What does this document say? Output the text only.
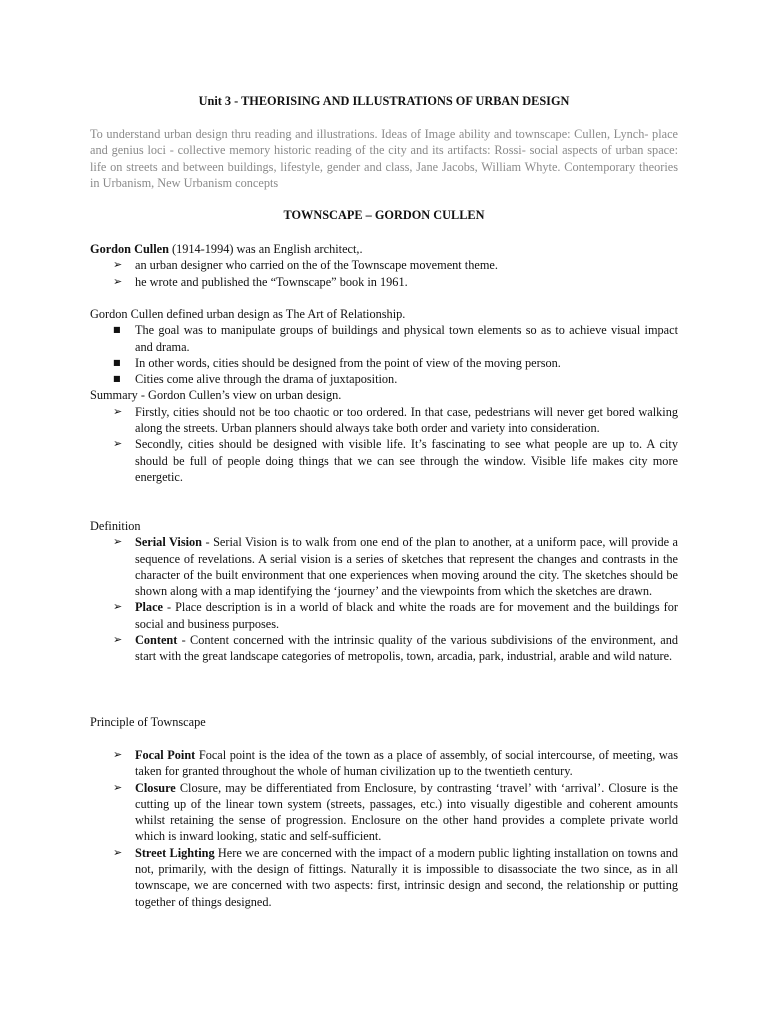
Unit 3 - THEORISING AND ILLUSTRATIONS OF URBAN DESIGN

To understand urban design thru reading and illustrations. Ideas of Image ability and townscape: Cullen, Lynch- place and genius loci - collective memory historic reading of the city and its artifacts: Rossi- social aspects of urban space: life on streets and between buildings, lifestyle, gender and class, Jane Jacobs, William Whyte. Contemporary theories in Urbanism, New Urbanism concepts

TOWNSCAPE – GORDON CULLEN

Gordon Cullen (1914-1994) was an English architect,.

➢	an urban designer who carried on the of the Townscape movement theme.
➢	he wrote and published the “Townscape” book in 1961.

Gordon Cullen defined urban design as The Art of Relationship.

■	The goal was to manipulate groups of buildings and physical town elements so as to achieve visual impact and drama.
■	In other words, cities should be designed from the point of view of the moving person.
■	Cities come alive through the drama of juxtaposition.

Summary - Gordon Cullen’s view on urban design.

➢	Firstly, cities should not be too chaotic or too ordered. In that case, pedestrians will never get bored walking along the streets. Urban planners should always take both order and variety into consideration.
➢	Secondly, cities should be designed with visible life. It’s fascinating to see what people are up to. A city should be full of people doing things that we can see through the window. Visible life makes city more energetic.

Definition

➢	Serial Vision - Serial Vision is to walk from one end of the plan to another, at a uniform pace, will provide a sequence of revelations. A serial vision is a series of sketches that represent the changes and contrasts in the character of the built environment that one experiences when moving around the city. The sketches should be shown along with a map identifying the ‘journey’ and the viewpoints from which the sketches are drawn.
➢	Place - Place description is in a world of black and white the roads are for movement and the buildings for social and business purposes.
➢	Content - Content concerned with the intrinsic quality of the various subdivisions of the environment, and start with the great landscape categories of metropolis, town, arcadia, park, industrial, arable and wild nature.

Principle of Townscape

➢	Focal Point Focal point is the idea of the town as a place of assembly, of social intercourse, of meeting, was taken for granted throughout the whole of human civilization up to the twentieth century.
➢	Closure Closure, may be differentiated from Enclosure, by contrasting ‘travel’ with ‘arrival’. Closure is the cutting up of the linear town system (streets, passages, etc.) into visually digestible and coherent amounts whilst retaining the sense of progression. Enclosure on the other hand provides a complete private world which is inward looking, static and self-sufficient.
➢	Street Lighting Here we are concerned with the impact of a modern public lighting installation on towns and not, primarily, with the design of fittings. Naturally it is impossible to disassociate the two since, as in all townscape, we are concerned with two aspects: first, intrinsic design and second, the relationship or putting together of things designed.
